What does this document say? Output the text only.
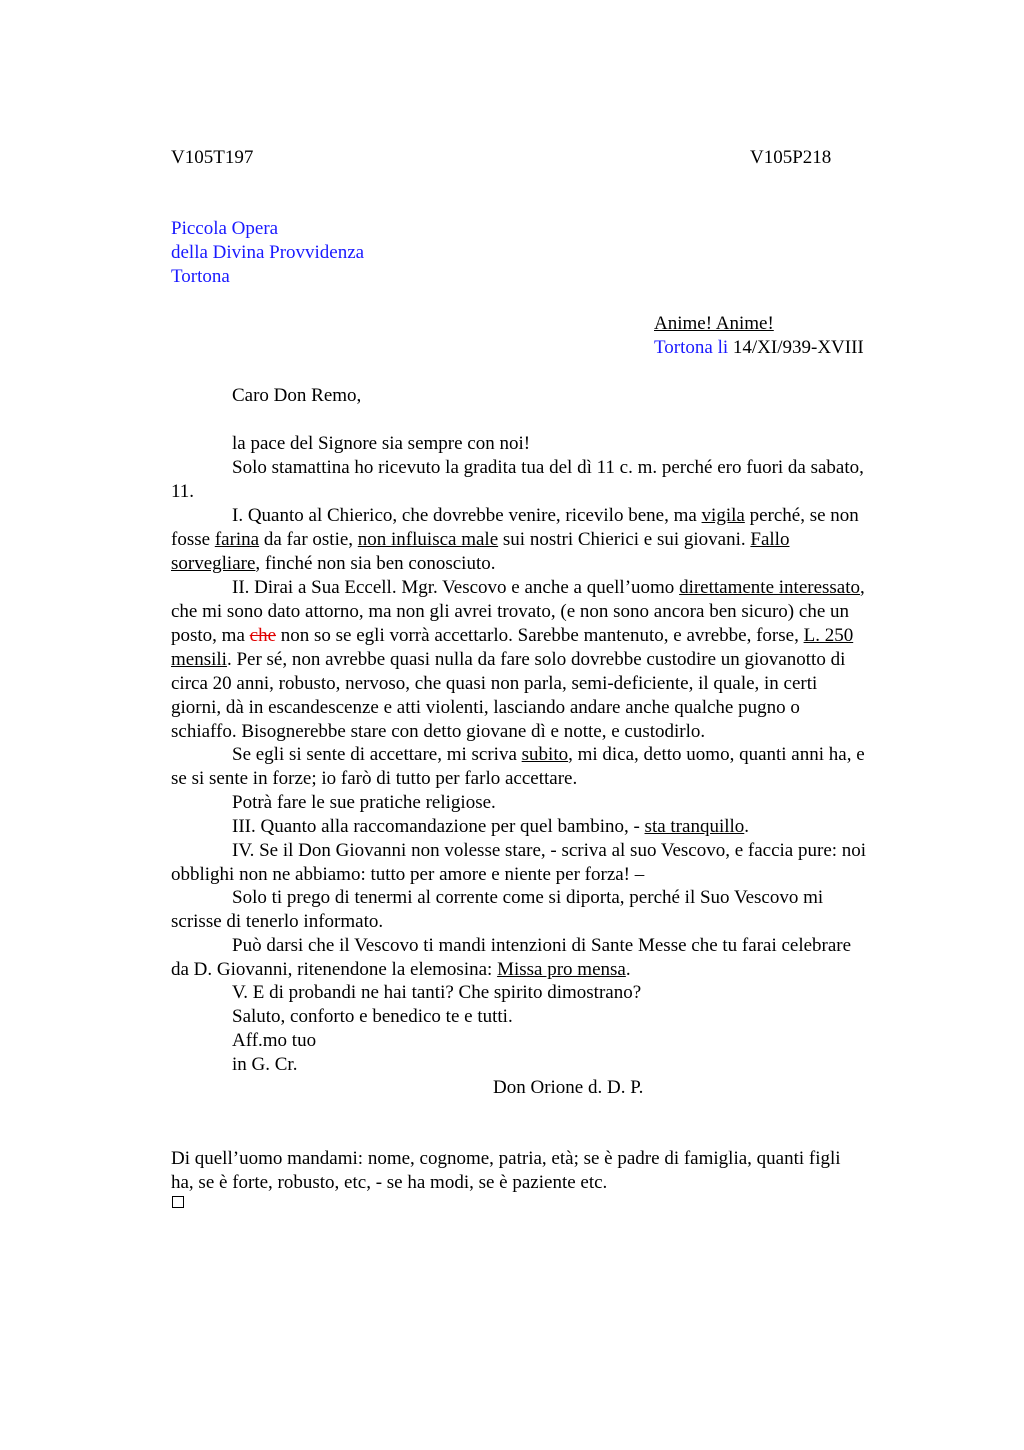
V105T197	V105P218
Piccola Opera
della Divina Provvidenza
Tortona
Anime! Anime!
Tortona li 14/XI/939-XVIII
Caro Don Remo,
la pace del Signore sia sempre con noi!
Solo stamattina ho ricevuto la gradita tua del dì 11 c. m. perché ero fuori da sabato,
11.
I. Quanto al Chierico, che dovrebbe venire, ricevilo bene, ma vigila perché, se non
fosse farina da far ostie, non influisca male sui nostri Chierici e sui giovani. Fallo
sorvegliare, finché non sia ben conosciuto.
II. Dirai a Sua Eccell. Mgr. Vescovo e anche a quell’uomo direttamente interessato,
che mi sono dato attorno, ma non gli avrei trovato, (e non sono ancora ben sicuro) che un
posto, ma che non so se egli vorrà accettarlo. Sarebbe mantenuto, e avrebbe, forse, L. 250
mensili. Per sé, non avrebbe quasi nulla da fare solo dovrebbe custodire un giovanotto di
circa 20 anni, robusto, nervoso, che quasi non parla, semi-deficiente, il quale, in certi
giorni, dà in escandescenze e atti violenti, lasciando andare anche qualche pugno o
schiaffo. Bisognerebbe stare con detto giovane dì e notte, e custodirlo.
Se egli si sente di accettare, mi scriva subito, mi dica, detto uomo, quanti anni ha, e
se si sente in forze; io farò di tutto per farlo accettare.
Potrà fare le sue pratiche religiose.
III. Quanto alla raccomandazione per quel bambino, - sta tranquillo.
IV. Se il Don Giovanni non volesse stare, - scriva al suo Vescovo, e faccia pure: noi
obblighi non ne abbiamo: tutto per amore e niente per forza! –
Solo ti prego di tenermi al corrente come si diporta, perché il Suo Vescovo mi
scrisse di tenerlo informato.
Può darsi che il Vescovo ti mandi intenzioni di Sante Messe che tu farai celebrare
da D. Giovanni, ritenendone la elemosina: Missa pro mensa.
V. E di probandi ne hai tanti? Che spirito dimostrano?
Saluto, conforto e benedico te e tutti.
Aff.mo tuo
in G. Cr.
Don Orione d. D. P.
Di quell’uomo mandami: nome, cognome, patria, età; se è padre di famiglia, quanti figli
ha, se è forte, robusto, etc, - se ha modi, se è paziente etc.
